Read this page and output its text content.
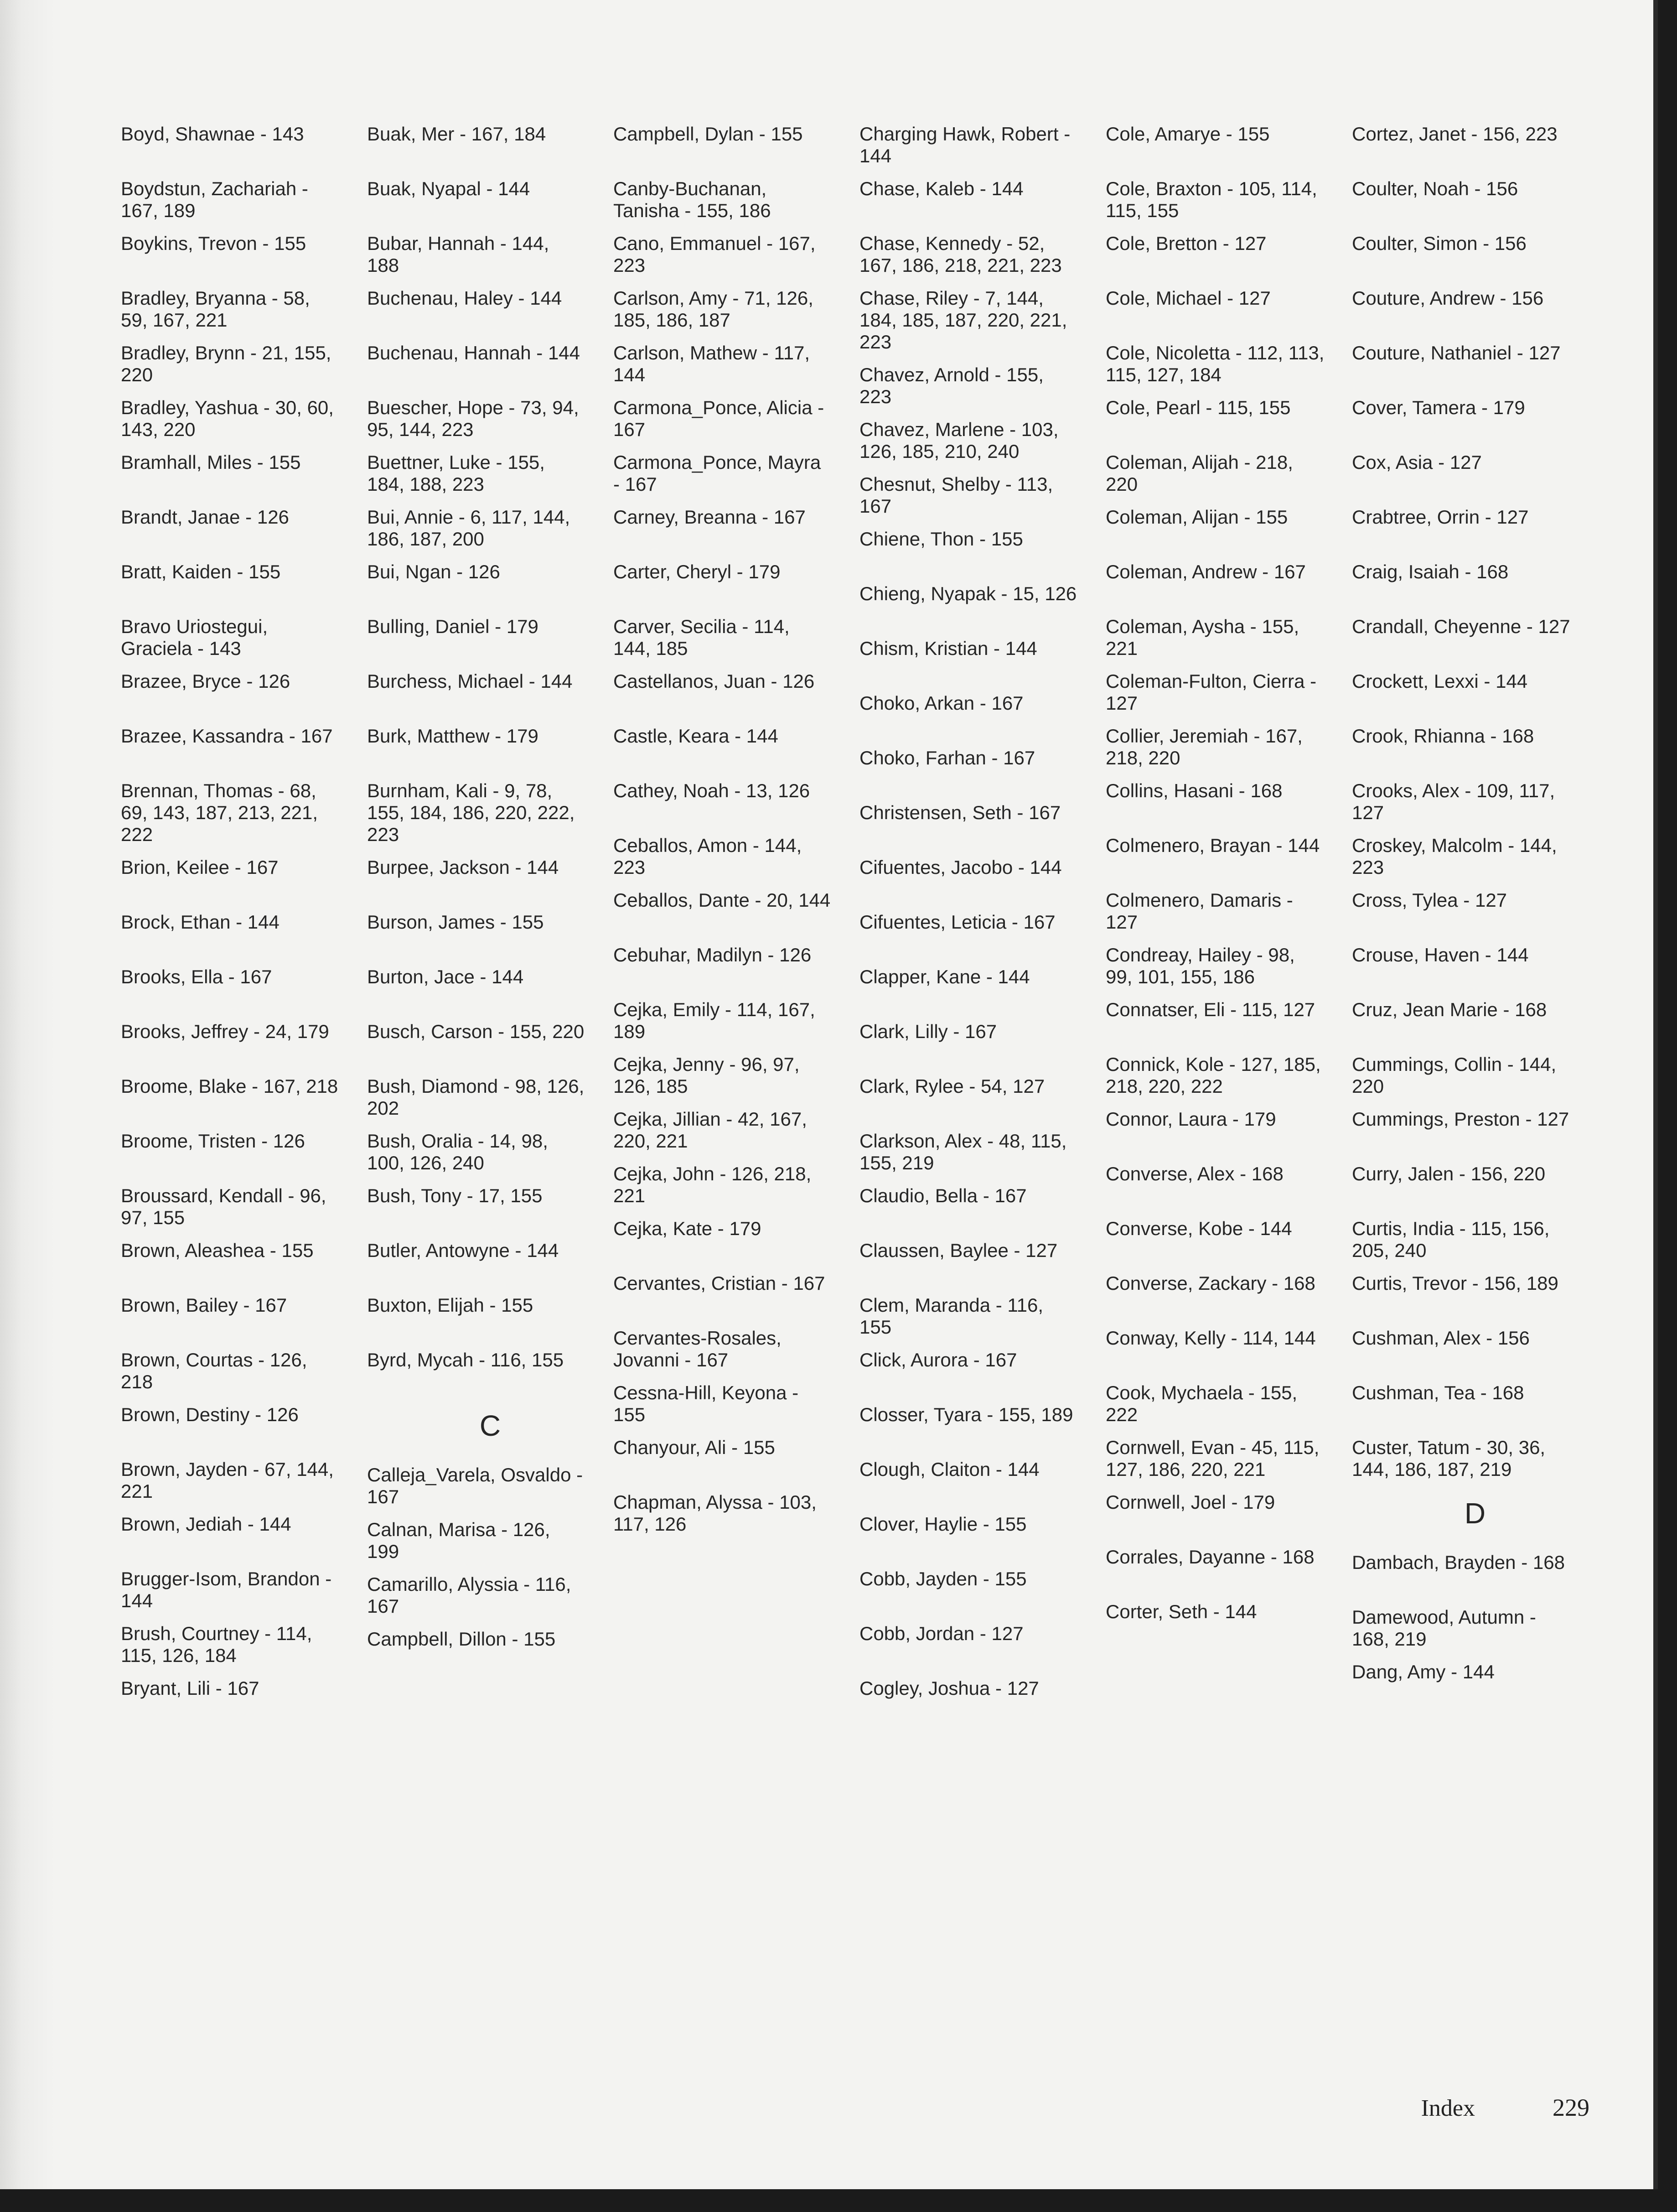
Boyd, Shawnae - 143
Boydstun, Zachariah - 167, 189
Boykins, Trevon - 155
Bradley, Bryanna - 58, 59, 167, 221
Bradley, Brynn - 21, 155, 220
Bradley, Yashua - 30, 60, 143, 220
Bramhall, Miles - 155
Brandt, Janae - 126
Bratt, Kaiden - 155
Bravo Uriostegui, Graciela - 143
Brazee, Bryce - 126
Brazee, Kassandra - 167
Brennan, Thomas - 68, 69, 143, 187, 213, 221, 222
Brion, Keilee - 167
Brock, Ethan - 144
Brooks, Ella - 167
Brooks, Jeffrey - 24, 179
Broome, Blake - 167, 218
Broome, Tristen - 126
Broussard, Kendall - 96, 97, 155
Brown, Aleashea - 155
Brown, Bailey - 167
Brown, Courtas - 126, 218
Brown, Destiny - 126
Brown, Jayden - 67, 144, 221
Brown, Jediah - 144
Brugger-Isom, Brandon - 144
Brush, Courtney - 114, 115, 126, 184
Bryant, Lili - 167
Buak, Mer - 167, 184
Buak, Nyapal - 144
Bubar, Hannah - 144, 188
Buchenau, Haley - 144
Buchenau, Hannah - 144
Buescher, Hope - 73, 94, 95, 144, 223
Buettner, Luke - 155, 184, 188, 223
Bui, Annie - 6, 117, 144, 186, 187, 200
Bui, Ngan - 126
Bulling, Daniel - 179
Burchess, Michael - 144
Burk, Matthew - 179
Burnham, Kali - 9, 78, 155, 184, 186, 220, 222, 223
Burpee, Jackson - 144
Burson, James - 155
Burton, Jace - 144
Busch, Carson - 155, 220
Bush, Diamond - 98, 126, 202
Bush, Oralia - 14, 98, 100, 126, 240
Bush, Tony - 17, 155
Butler, Antowyne - 144
Buxton, Elijah - 155
Byrd, Mycah - 116, 155
C
Calleja_Varela, Osvaldo - 167
Calnan, Marisa - 126, 199
Camarillo, Alyssia - 116, 167
Campbell, Dillon - 155
Campbell, Dylan - 155
Canby-Buchanan, Tanisha - 155, 186
Cano, Emmanuel - 167, 223
Carlson, Amy - 71, 126, 185, 186, 187
Carlson, Mathew - 117, 144
Carmona_Ponce, Alicia - 167
Carmona_Ponce, Mayra - 167
Carney, Breanna - 167
Carter, Cheryl - 179
Carver, Secilia - 114, 144, 185
Castellanos, Juan - 126
Castle, Keara - 144
Cathey, Noah - 13, 126
Ceballos, Amon - 144, 223
Ceballos, Dante - 20, 144
Cebuhar, Madilyn - 126
Cejka, Emily - 114, 167, 189
Cejka, Jenny - 96, 97, 126, 185
Cejka, Jillian - 42, 167, 220, 221
Cejka, John - 126, 218, 221
Cejka, Kate - 179
Cervantes, Cristian - 167
Cervantes-Rosales, Jovanni - 167
Cessna-Hill, Keyona - 155
Chanyour, Ali - 155
Chapman, Alyssa - 103, 117, 126
Charging Hawk, Robert - 144
Chase, Kaleb - 144
Chase, Kennedy - 52, 167, 186, 218, 221, 223
Chase, Riley - 7, 144, 184, 185, 187, 220, 221, 223
Chavez, Arnold - 155, 223
Chavez, Marlene - 103, 126, 185, 210, 240
Chesnut, Shelby - 113, 167
Chiene, Thon - 155
Chieng, Nyapak - 15, 126
Chism, Kristian - 144
Choko, Arkan - 167
Choko, Farhan - 167
Christensen, Seth - 167
Cifuentes, Jacobo - 144
Cifuentes, Leticia - 167
Clapper, Kane - 144
Clark, Lilly - 167
Clark, Rylee - 54, 127
Clarkson, Alex - 48, 115, 155, 219
Claudio, Bella - 167
Claussen, Baylee - 127
Clem, Maranda - 116, 155
Click, Aurora - 167
Closser, Tyara - 155, 189
Clough, Claiton - 144
Clover, Haylie - 155
Cobb, Jayden - 155
Cobb, Jordan - 127
Cogley, Joshua - 127
Cole, Amarye - 155
Cole, Braxton - 105, 114, 115, 155
Cole, Bretton - 127
Cole, Michael - 127
Cole, Nicoletta - 112, 113, 115, 127, 184
Cole, Pearl - 115, 155
Coleman, Alijah - 218, 220
Coleman, Alijan - 155
Coleman, Andrew - 167
Coleman, Aysha - 155, 221
Coleman-Fulton, Cierra - 127
Collier, Jeremiah - 167, 218, 220
Collins, Hasani - 168
Colmenero, Brayan - 144
Colmenero, Damaris - 127
Condreay, Hailey - 98, 99, 101, 155, 186
Connatser, Eli - 115, 127
Connick, Kole - 127, 185, 218, 220, 222
Connor, Laura - 179
Converse, Alex - 168
Converse, Kobe - 144
Converse, Zackary - 168
Conway, Kelly - 114, 144
Cook, Mychaela - 155, 222
Cornwell, Evan - 45, 115, 127, 186, 220, 221
Cornwell, Joel - 179
Corrales, Dayanne - 168
Corter, Seth - 144
Cortez, Janet - 156, 223
Coulter, Noah - 156
Coulter, Simon - 156
Couture, Andrew - 156
Couture, Nathaniel - 127
Cover, Tamera - 179
Cox, Asia - 127
Crabtree, Orrin - 127
Craig, Isaiah - 168
Crandall, Cheyenne - 127
Crockett, Lexxi - 144
Crook, Rhianna - 168
Crooks, Alex - 109, 117, 127
Croskey, Malcolm - 144, 223
Cross, Tylea - 127
Crouse, Haven - 144
Cruz, Jean Marie - 168
Cummings, Collin - 144, 220
Cummings, Preston - 127
Curry, Jalen - 156, 220
Curtis, India - 115, 156, 205, 240
Curtis, Trevor - 156, 189
Cushman, Alex - 156
Cushman, Tea - 168
Custer, Tatum - 30, 36, 144, 186, 187, 219
D
Dambach, Brayden - 168
Damewood, Autumn - 168, 219
Dang, Amy - 144
Index	229
